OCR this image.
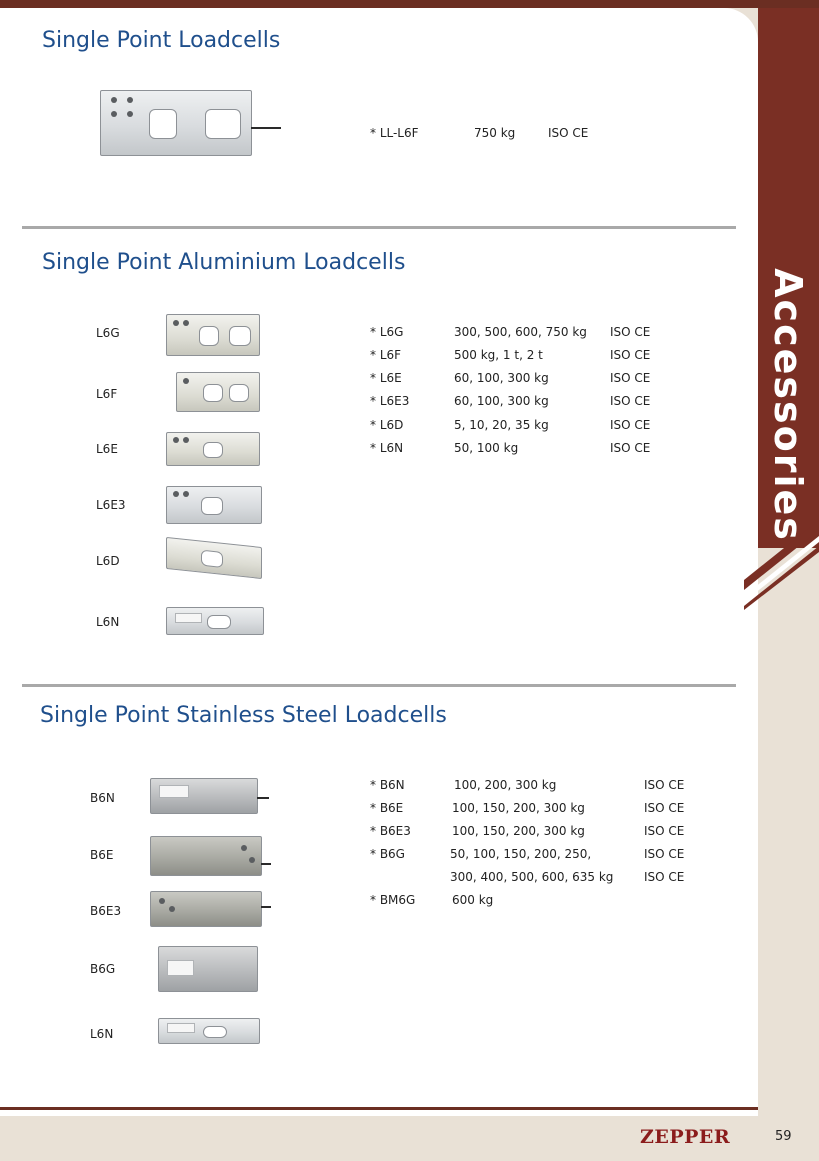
Accessories
Single Point Loadcells
* LL-L6F	750 kg	ISO CE
Single Point Aluminium Loadcells
L6G
L6F
L6E
L6E3
L6D
L6N
* L6G	300, 500, 600, 750 kg ISO CE
* L6F	500 kg, 1 t, 2 t	ISO CE
* L6E	60, 100, 300 kg	ISO CE
* L6E3	60, 100, 300 kg	ISO CE
* L6D	5, 10, 20, 35 kg	ISO CE
* L6N	50, 100 kg	ISO CE
Single Point Stainless Steel Loadcells
B6N
B6E
B6E3
B6G
L6N
* B6N	100, 200, 300 kg	ISO CE
* B6E	100, 150, 200, 300 kg	ISO CE
* B6E3	100, 150, 200, 300 kg	ISO CE
* B6G	50, 100, 150, 200, 250,	ISO CE
300, 400, 500, 600, 635 kg	ISO CE
* BM6G	600 kg
ZEPPER	59
